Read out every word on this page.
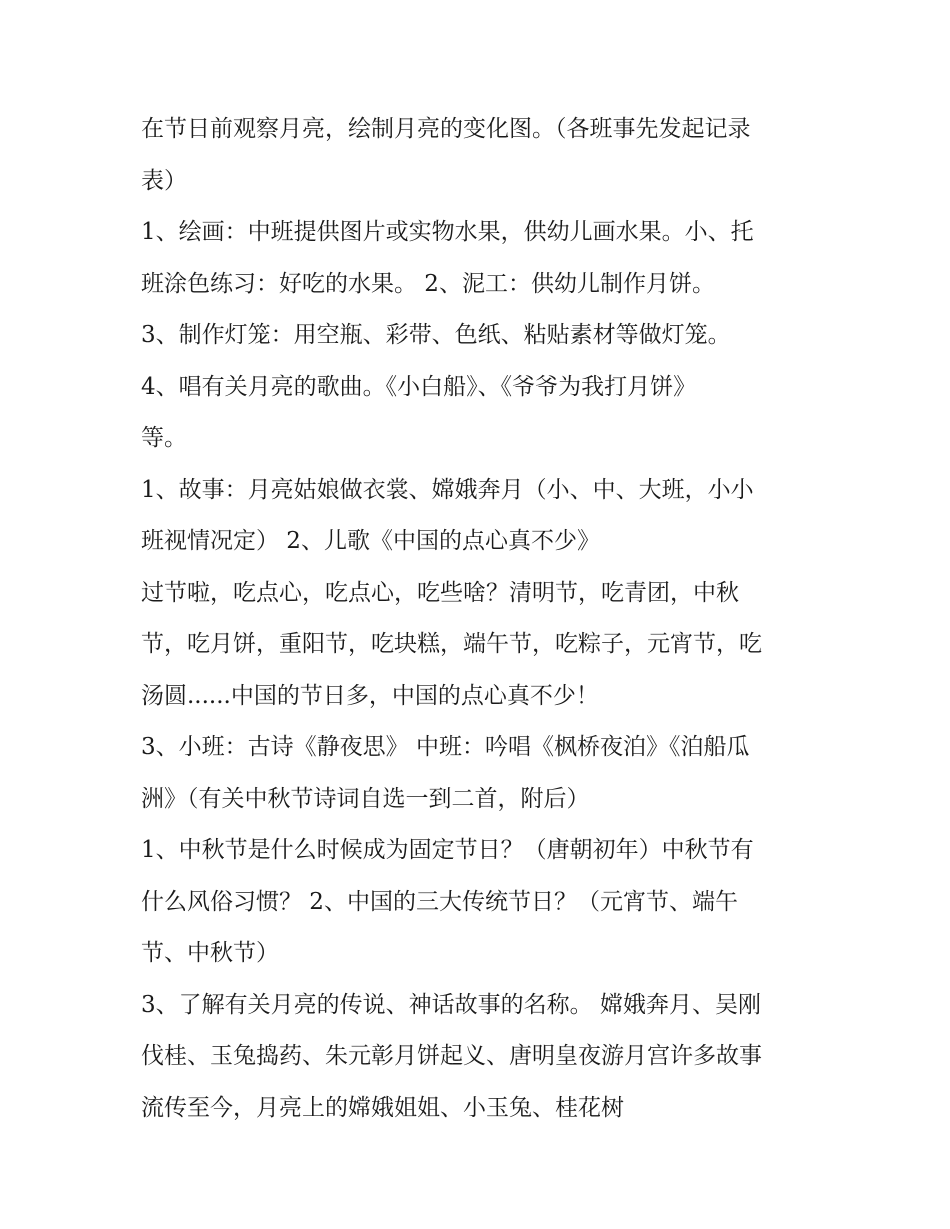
在节日前观察月亮，绘制月亮的变化图。（各班事先发起记录
表）
1、绘画：中班提供图片或实物水果，供幼儿画水果。小、托
班涂色练习：好吃的水果。 2、泥工：供幼儿制作月饼。
3、制作灯笼：用空瓶、彩带、色纸、粘贴素材等做灯笼。
4、唱有关月亮的歌曲。《小白船》、《爷爷为我打月饼》
等。
1、故事：月亮姑娘做衣裳、嫦娥奔月（小、中、大班，小小
班视情况定） 2、儿歌《中国的点心真不少》
过节啦，吃点心，吃点心，吃些啥？清明节，吃青团，中秋
节，吃月饼，重阳节，吃块糕，端午节，吃粽子，元宵节，吃
汤圆......中国的节日多，中国的点心真不少！
3、小班：古诗《静夜思》 中班：吟唱《枫桥夜泊》《泊船瓜
洲》（有关中秋节诗词自选一到二首，附后）
1、中秋节是什么时候成为固定节日？（唐朝初年）中秋节有
什么风俗习惯？ 2、中国的三大传统节日？（元宵节、端午
节、中秋节）
3、了解有关月亮的传说、神话故事的名称。 嫦娥奔月、吴刚
伐桂、玉兔捣药、朱元彰月饼起义、唐明皇夜游月宫许多故事
流传至今，月亮上的嫦娥姐姐、小玉兔、桂花树
